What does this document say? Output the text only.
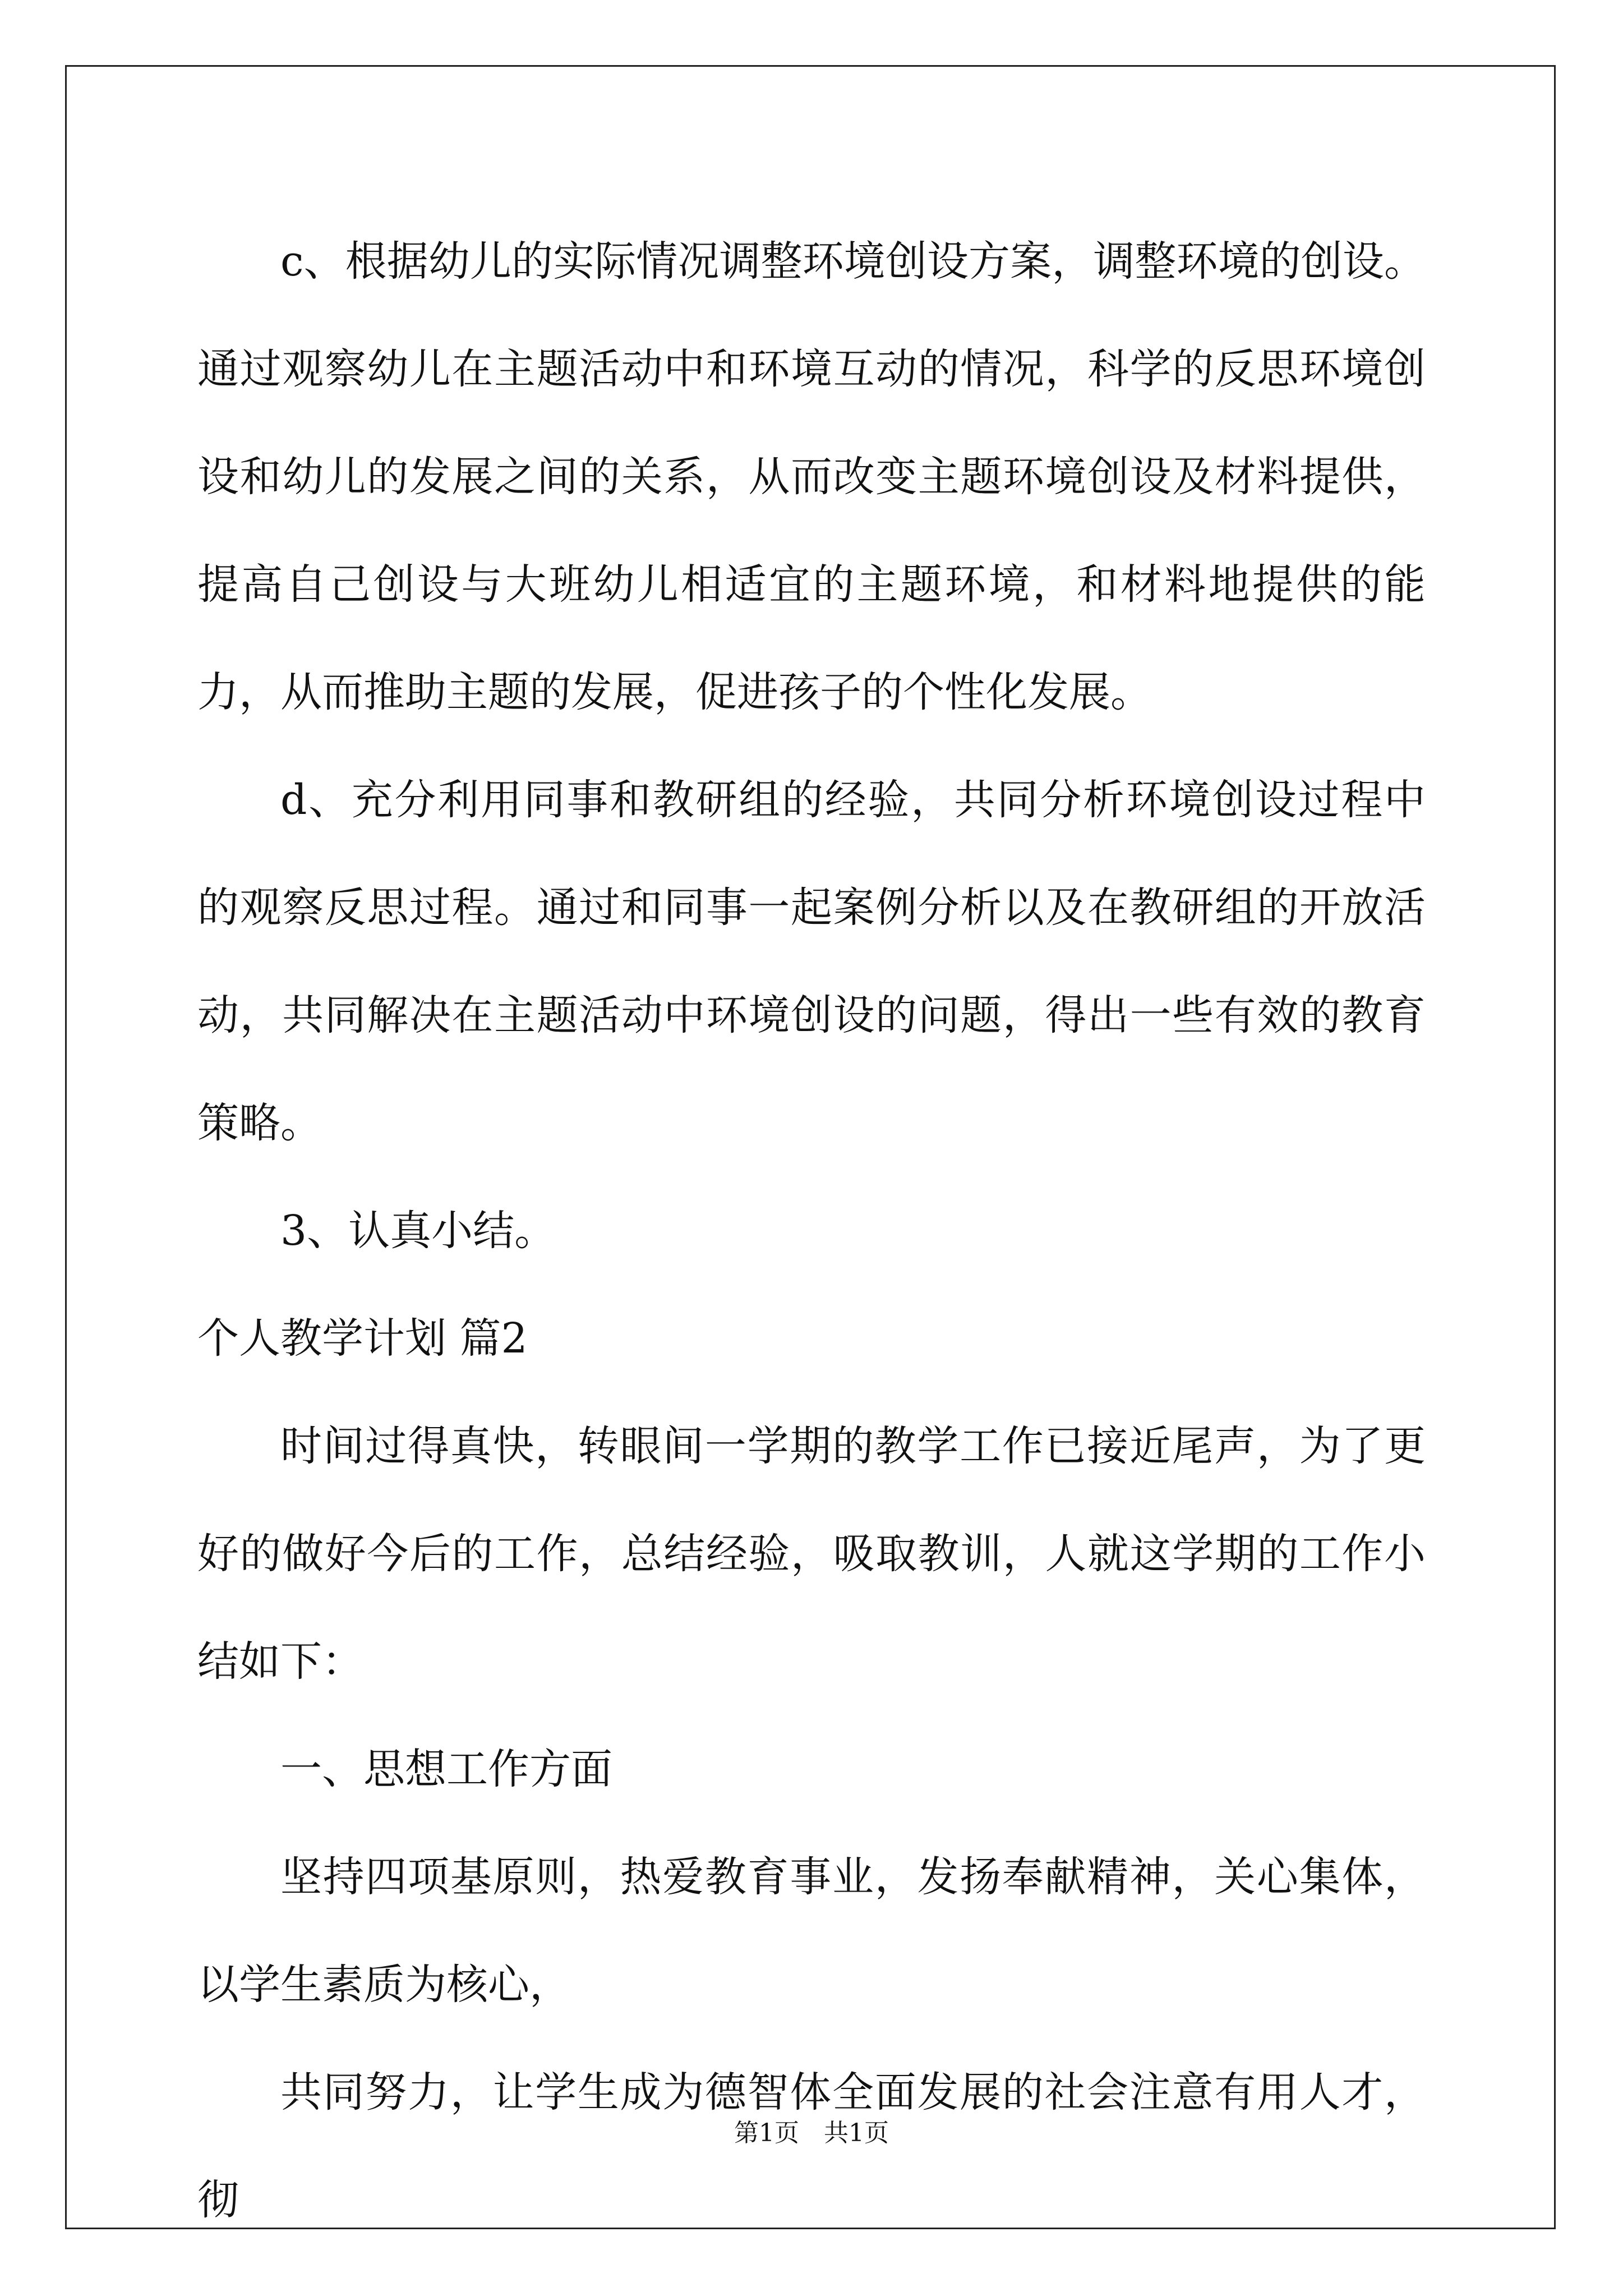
c、根据幼儿的实际情况调整环境创设方案，调整环境的创设。通过观察幼儿在主题活动中和环境互动的情况，科学的反思环境创设和幼儿的发展之间的关系，从而改变主题环境创设及材料提供，提高自己创设与大班幼儿相适宜的主题环境，和材料地提供的能力，从而推助主题的发展，促进孩子的个性化发展。

d、充分利用同事和教研组的经验，共同分析环境创设过程中的观察反思过程。通过和同事一起案例分析以及在教研组的开放活动，共同解决在主题活动中环境创设的问题，得出一些有效的教育策略。

3、认真小结。

个人教学计划 篇2

时间过得真快，转眼间一学期的教学工作已接近尾声，为了更好的做好今后的工作，总结经验，吸取教训，人就这学期的工作小结如下：

一、思想工作方面

坚持四项基原则，热爱教育事业，发扬奉献精神，关心集体，以学生素质为核心，

共同努力，让学生成为德智体全面发展的社会注意有用人才，彻

第1页　共1页
